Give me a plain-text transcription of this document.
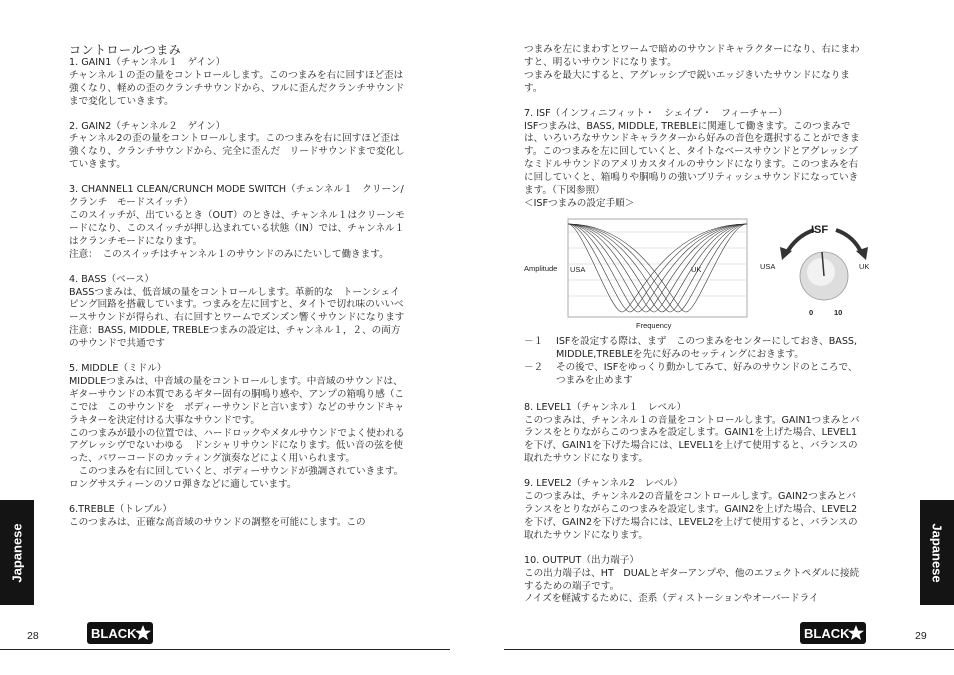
コントロールつまみ

1. GAIN1（チャンネル１　ゲイン）

チャンネル１の歪の量をコントロールします。このつまみを右に回すほど歪は強くなり、軽めの歪のクランチサウンドから、フルに歪んだクランチサウンドまで変化していきます。

2. GAIN2（チャンネル２　ゲイン）

チャンネル2の歪の量をコントロールします。このつまみを右に回すほど歪は強くなり、クランチサウンドから、完全に歪んだ　リードサウンドまで変化していきます。

3. CHANNEL1 CLEAN/CRUNCH MODE SWITCH（チェンネル１　クリーン/クランチ　モードスイッチ）

このスイッチが、出ているとき（OUT）のときは、チャンネル１はクリーンモードになり、このスイッチが押し込まれている状態（IN）では、チャンネル１はクランチモードになります。

注意：　このスイッチはチャンネル１のサウンドのみにたいして働きます。

4. BASS（ベース）

BASSつまみは、低音域の量をコントロールします。革新的な　トーンシェイピング回路を搭載しています。つまみを左に回すと、タイトで切れ味のいいベースサウンドが得られ、右に回すとワームでズンズン響くサウンドになります

注意：BASS, MIDDLE, TREBLEつまみの設定は、チャンネル１，２、の両方のサウンドで共通です

5. MIDDLE（ミドル）

MIDDLEつまみは、中音域の量をコントロールします。中音域のサウンドは、ギターサウンドの本質であるギター固有の胴鳴り感や、アンプの箱鳴り感（ここでは　このサウンドを　ボディーサウンドと言います）などのサウンドキャラキターを決定付ける大事なサウンドです。

このつまみが最小の位置では、ハードロックやメタルサウンドでよく使われるアグレッシヴでないわゆる　ドンシャリサウンドになります。低い音の弦を使った、パワーコードのカッティング演奏などによく用いられます。

　このつまみを右に回していくと、ボディーサウンドが強調されていきます。ロングサスティーンのソロ弾きなどに適しています。

6.TREBLE（トレブル）

このつまみは、正確な高音域のサウンドの調整を可能にします。この

Japanese
28	BLACK

つまみを左にまわすとワームで暗めのサウンドキャラクターになり、右にまわすと、明るいサウンドになります。

つまみを最大にすると、アグレッシブで鋭いエッジきいたサウンドになります。

7. ISF（インフィニフィット・　シェイプ・　フィーチャー）

ISFつまみは、BASS, MIDDLE, TREBLEに関連して働きます。このつまみでは、いろいろなサウンドキャラクターから好みの音色を選択することができます。このつまみを左に回していくと、タイトなベースサウンドとアグレッシブなミドルサウンドのアメリカスタイルのサウンドになります。このつまみを右に回していくと、箱鳴りや胴鳴りの強いブリティッシュサウンドになっていきます。（下図参照）

＜ISFつまみの設定手順＞

Amplitude
Frequency
USA	UK
ISF
USA	UK
0	10
－１	ISFを設定する際は、まず　このつまみをセンターにしておき、BASS, MIDDLE,TREBLEを先に好みのセッティングにおきます。
－２	その後で、ISFをゆっくり動かしてみて、好みのサウンドのところで、つまみを止めます

8. LEVEL1（チャンネル１　レベル）

このつまみは、チャンネル１の音量をコントロールします。GAIN1つまみとバランスをとりながらこのつまみを設定します。GAIN1を上げた場合、LEVEL1を下げ、GAIN1を下げた場合には、LEVEL1を上げて使用すると、バランスの取れたサウンドになります。

9. LEVEL2（チャンネル2　レベル）

このつまみは、チャンネル2の音量をコントロールします。GAIN2つまみとバランスをとりながらこのつまみを設定します。GAIN2を上げた場合、LEVEL2を下げ、GAIN2を下げた場合には、LEVEL2を上げて使用すると、バランスの取れたサウンドになります。

10. OUTPUT（出力端子）

この出力端子は、HT　DUALとギターアンプや、他のエフェクトペダルに接続するための端子です。

ノイズを軽減するために、歪系（ディストーションやオーバードライ

Japanese
29
BLACK
